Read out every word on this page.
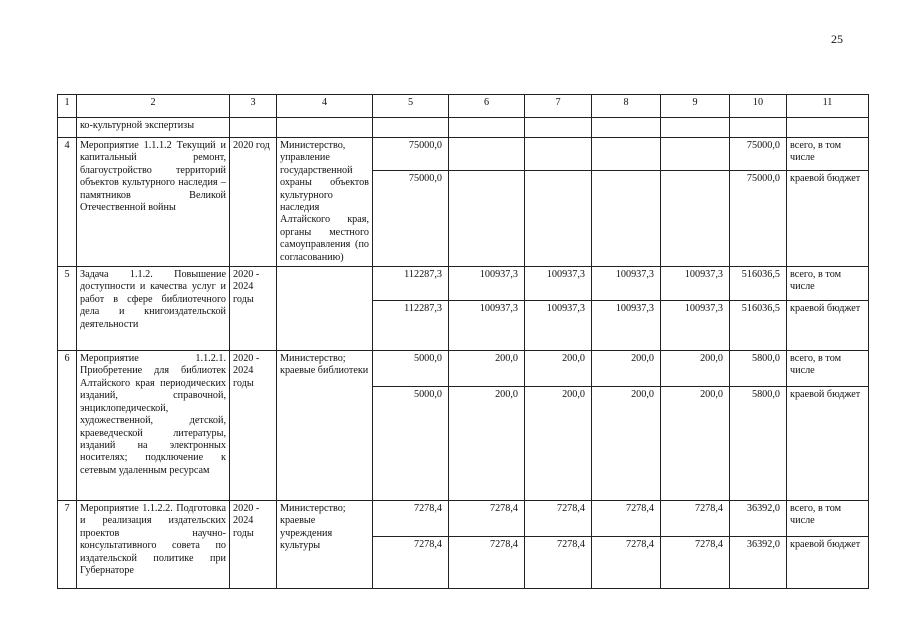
25
1	2	3	4	5	6	7	8	9	10	11
	ко-культурной экспертизы									
4	Мероприятие 1.1.1.2 Текущий и капитальный ремонт, благоустройство территорий объектов культурного наследия – памятников Великой Отечественной войны	2020 год	Министерство, управление государственной охраны объектов культурного наследия Алтайского края, органы местного самоуправления (по согласованию)	75000,0					75000,0	всего, в том числе
				75000,0					75000,0	краевой бюджет
5	Задача 1.1.2. Повышение доступности и качества услуг и работ в сфере библиотечного дела и книгоиздательской деятельности	2020 - 2024 годы		112287,3	100937,3	100937,3	100937,3	100937,3	516036,5	всего, в том числе
				112287,3	100937,3	100937,3	100937,3	100937,3	516036,5	краевой бюджет
6	Мероприятие 1.1.2.1. Приобретение для библиотек Алтайского края периодических изданий, справочной, энциклопедической, художественной, детской, краеведческой литературы, изданий на электронных носителях; подключение к сетевым удаленным ресурсам	2020 - 2024 годы	Министерство; краевые библиотеки	5000,0	200,0	200,0	200,0	200,0	5800,0	всего, в том числе
				5000,0	200,0	200,0	200,0	200,0	5800,0	краевой бюджет
7	Мероприятие 1.1.2.2. Подготовка и реализация издательских проектов научно-консультативного совета по издательской политике при Губернаторе	2020 - 2024 годы	Министерство; краевые учреждения культуры	7278,4	7278,4	7278,4	7278,4	7278,4	36392,0	всего, в том числе
				7278,4	7278,4	7278,4	7278,4	7278,4	36392,0	краевой бюджет
